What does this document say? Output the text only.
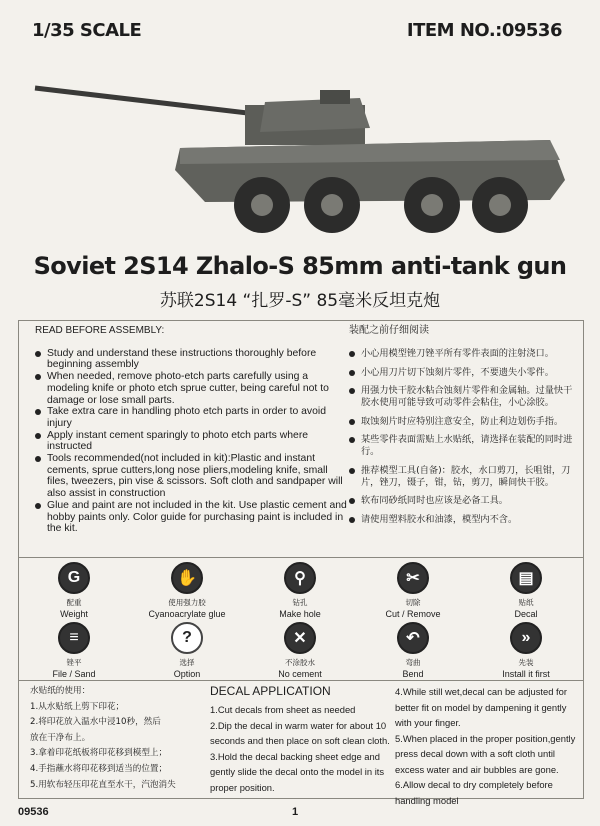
1/35 SCALE	ITEM NO.:09536
Soviet 2S14 Zhalo-S 85mm anti-tank gun
苏联2S14 “扎罗-S” 85毫米反坦克炮
READ BEFORE ASSEMBLY:
Study and understand these instructions thoroughly before beginning assembly
When needed, remove photo-etch parts carefully using a modeling knife or photo etch sprue cutter, being careful not to damage or lose small parts.
Take extra care in handling photo etch parts in order to avoid injury
Apply instant cement sparingly to photo etch parts where instructed
Tools recommended(not included in kit):Plastic and instant cements, sprue cutters,long nose pliers,modeling knife, small files, tweezers, pin vise & scissors. Soft cloth and sandpaper will also assist in construction
Glue and paint are not included in the kit. Use plastic cement and hobby paints only. Color guide for purchasing paint is included in the kit.
装配之前仔细阅读
小心用模型锉刀锉平所有零件表面的注射浇口。
小心用刀片切下蚀刻片零件，不要遗失小零件。
用强力快干胶水粘合蚀刻片零件和金属轴。过量快干胶水使用可能导致可动零件会粘住，小心涂胶。
取蚀刻片时应特别注意安全，防止利边划伤手指。
某些零件表面需贴上水贴纸，请选择在装配的同时进行。
推荐模型工具(自备)：胶水，水口剪刀，长咀钳，刀片，锉刀，镊子，钳，钻，剪刀，瞬间快干胶。
软布同砂纸同时也应该是必备工具。
请使用塑料胶水和油漆，模型内不含。
G
配重
Weight
✋
使用强力胶
Cyanoacrylate glue
⚲
钻孔
Make hole
✂
切除
Cut / Remove
▤
贴纸
Decal
≡
锉平
File / Sand
?
选择
Option
✕
不涂胶水
No cement
↶
弯曲
Bend
»
先装
Install it first
水贴纸的使用：
1.从水贴纸上剪下印花；
2.将印花放入温水中浸10秒，然后
放在干净布上。
3.拿着印花纸板将印花移到模型上；
4.手指蘸水将印花移到适当的位置；
5.用软布轻压印花直至水干，汽泡消失
DECAL APPLICATION

1.Cut decals from sheet as needed

2.Dip the decal in warm water for about 10 seconds and then place on soft clean cloth.

3.Hold the decal backing sheet edge and gently slide the decal onto the model in its proper position.

4.While still wet,decal can be adjusted for better fit on model by dampening it gently with your finger.

5.When placed in the proper position,gently press decal down with a soft cloth until excess water and air bubbles are gone.

6.Allow decal to dry completely before handling model

09536	1
